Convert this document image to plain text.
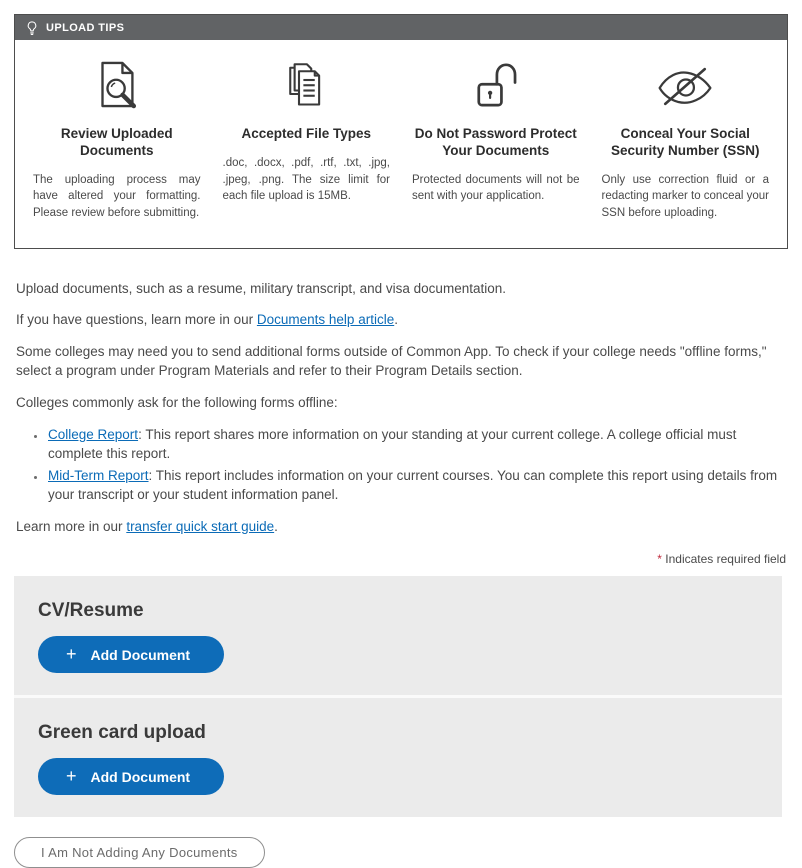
UPLOAD TIPS
Review Uploaded Documents

The uploading process may have altered your formatting. Please review before submitting.

Accepted File Types

.doc, .docx, .pdf, .rtf, .txt, .jpg, .jpeg, .png. The size limit for each file upload is 15MB.

Do Not Password Protect Your Documents

Protected documents will not be sent with your application.

Conceal Your Social Security Number (SSN)

Only use correction fluid or a redacting marker to conceal your SSN before uploading.

Upload documents, such as a resume, military transcript, and visa documentation.

If you have questions, learn more in our Documents help article.

Some colleges may need you to send additional forms outside of Common App. To check if your college needs "offline forms," select a program under Program Materials and refer to their Program Details section.

Colleges commonly ask for the following forms offline:

• College Report: This report shares more information on your standing at your current college. A college official must complete this report.
• Mid-Term Report: This report includes information on your current courses. You can complete this report using details from your transcript or your student information panel.

Learn more in our transfer quick start guide.

* Indicates required field
CV/Resume
+ Add Document
Green card upload
+ Add Document
I Am Not Adding Any Documents
